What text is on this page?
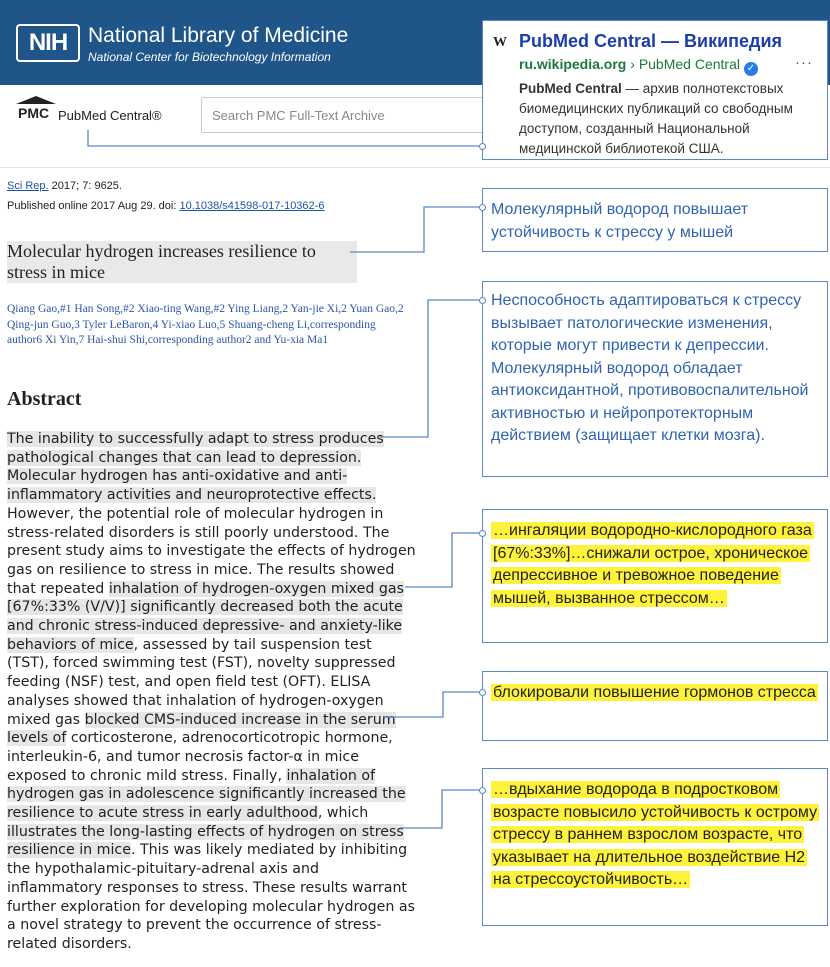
NIH National Library of Medicine
National Center for Biotechnology Information
PMC PubMed Central®
Search PMC Full-Text Archive
Sci Rep. 2017; 7: 9625.
Published online 2017 Aug 29. doi: 10.1038/s41598-017-10362-6
Molecular hydrogen increases resilience to stress in mice
Qiang Gao,#1 Han Song,#2 Xiao-ting Wang,#2 Ying Liang,2 Yan-jie Xi,2 Yuan Gao,2 Qing-jun Guo,3 Tyler LeBaron,4 Yi-xiao Luo,5 Shuang-cheng Li,corresponding author6 Xi Yin,7 Hai-shui Shi,corresponding author2 and Yu-xia Ma1
Abstract
The inability to successfully adapt to stress produces pathological changes that can lead to depression. Molecular hydrogen has anti-oxidative and anti-inflammatory activities and neuroprotective effects. However, the potential role of molecular hydrogen in stress-related disorders is still poorly understood. The present study aims to investigate the effects of hydrogen gas on resilience to stress in mice. The results showed that repeated inhalation of hydrogen-oxygen mixed gas [67%:33% (V/V)] significantly decreased both the acute and chronic stress-induced depressive- and anxiety-like behaviors of mice, assessed by tail suspension test (TST), forced swimming test (FST), novelty suppressed feeding (NSF) test, and open field test (OFT). ELISA analyses showed that inhalation of hydrogen-oxygen mixed gas blocked CMS-induced increase in the serum levels of corticosterone, adrenocorticotropic hormone, interleukin-6, and tumor necrosis factor-α in mice exposed to chronic mild stress. Finally, inhalation of hydrogen gas in adolescence significantly increased the resilience to acute stress in early adulthood, which illustrates the long-lasting effects of hydrogen on stress resilience in mice. This was likely mediated by inhibiting the hypothalamic-pituitary-adrenal axis and inflammatory responses to stress. These results warrant further exploration for developing molecular hydrogen as a novel strategy to prevent the occurrence of stress-related disorders.
W PubMed Central — Википедия
ru.wikipedia.org › PubMed Central ✓	···
PubMed Central — архив полнотекстовых биомедицинских публикаций со свободным доступом, созданный Национальной медицинской библиотекой США.
Молекулярный водород повышает устойчивость к стрессу у мышей
Неспособность адаптироваться к стрессу вызывает патологические изменения, которые могут привести к депрессии. Молекулярный водород обладает антиоксидантной, противовоспалительной активностью и нейропротекторным действием (защищает клетки мозга).
…ингаляции водородно-кислородного газа [67%:33%]…снижали острое, хроническое депрессивное и тревожное поведение мышей, вызванное стрессом…
блокировали повышение гормонов стресса
…вдыхание водорода в подростковом возрасте повысило устойчивость к острому стрессу в раннем взрослом возрасте, что указывает на длительное воздействие H2 на стрессоустойчивость…
